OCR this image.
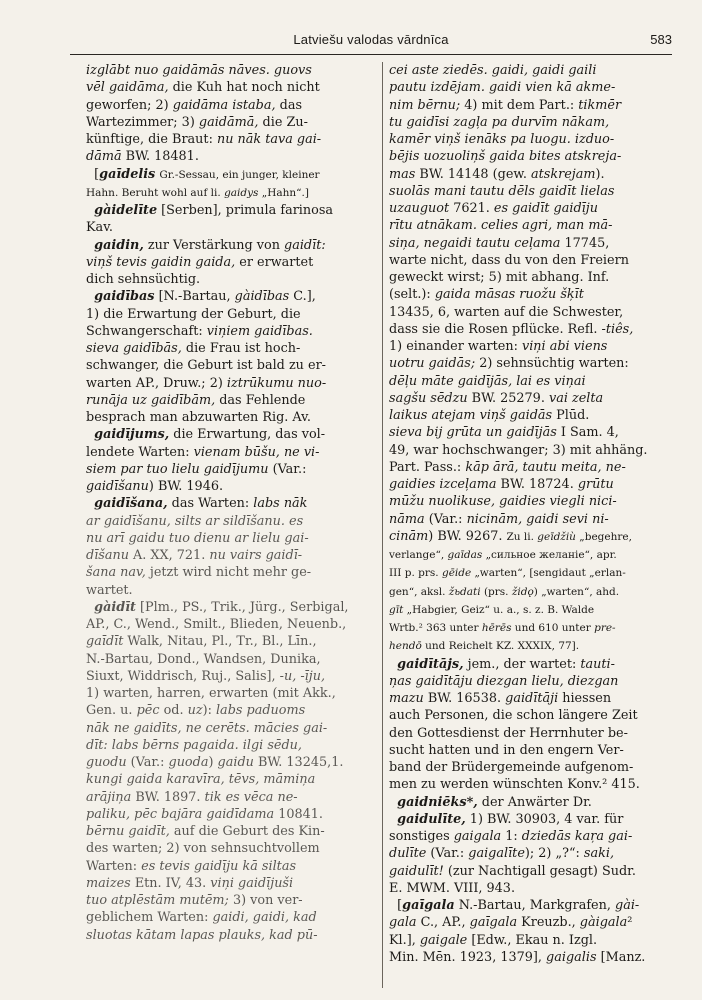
Latviešu valodas vārdnīca	583
izglābt nuo gaidāmās nāves. guovs
vēl gaidāma, die Kuh hat noch nicht
geworfen; 2) gaidāma istaba, das
Wartezimmer; 3) gaidāmā, die Zu-
künftige, die Braut: nu nāk tava gai-
dāmā BW. 18481.
[gaīdelis Gr.-Sessau, ein junger, kleiner
Hahn. Beruht wohl auf li. gaidys „Hahn“.]
gàidelīte [Serben], primula farinosa
Kav.
gaidin, zur Verstärkung von gaidīt:
viņš tevis gaidin gaida, er erwartet
dich sehnsüchtig.
gaidības [N.-Bartau, gàidības C.],
1) die Erwartung der Geburt, die
Schwangerschaft: viņiem gaidības.
sieva gaidībās, die Frau ist hoch-
schwanger, die Geburt ist bald zu er-
warten AP., Druw.; 2) iztrūkumu nuo-
runāja uz gaidībām, das Fehlende
besprach man abzuwarten Rig. Av.
gaidījums, die Erwartung, das vol-
lendete Warten: vienam būšu, ne vi-
siem par tuo lielu gaidījumu (Var.:
gaidīšanu) BW. 1946.
gaidīšana, das Warten: labs nāk
ar gaidīšanu, silts ar sildīšanu. es
nu arī gaidu tuo dienu ar lielu gai-
dīšanu A. XX, 721. nu vairs gaidī-
šana nav, jetzt wird nicht mehr ge-
wartet.
gàidīt [Plm., PS., Trik., Jürg., Serbigal,
AP., C., Wend., Smilt., Blieden, Neuenb.,
gaīdīt Walk, Nitau, Pl., Tr., Bl., Līn.,
N.-Bartau, Dond., Wandsen, Dunika,
Siuxt, Widdrisch, Ruj., Salis], -u, -īju,
1) warten, harren, erwarten (mit Akk.,
Gen. u. pēc od. uz): labs paduoms
nāk ne gaidīts, ne cerēts. mācies gai-
dīt: labs bērns pagaida. ilgi sēdu,
guodu (Var.: guoda) gaidu BW. 13245,1.
kungi gaida karavīra, tēvs, māmiņa
arājiņa BW. 1897. tik es vēca ne-
paliku, pēc bajāra gaidīdama 10841.
bērnu gaidīt, auf die Geburt des Kin-
des warten; 2) von sehnsuchtvollem
Warten: es tevis gaidīju kā siltas
maizes Etn. IV, 43. viņi gaidījuši
tuo atplēstām mutēm; 3) von ver-
geblichem Warten: gaidi, gaidi, kad
sluotas kātam lapas plauks, kad pū-
cei aste ziedēs. gaidi, gaidi gaili
pautu izdējam. gaidi vien kā akme-
nim bērnu; 4) mit dem Part.: tikmēr
tu gaidīsi zagļa pa durvīm nākam,
kamēr viņš ienāks pa luogu. izduo-
bējis uozuoliņš gaida bites atskreja-
mas BW. 14148 (gew. atskrejam).
suolās mani tautu dēls gaidīt lielas
uzauguot 7621. es gaidīt gaidīju
rītu atnākam. celies agri, man mā-
siņa, negaidi tautu ceļama 17745,
warte nicht, dass du von den Freiern
geweckt wirst; 5) mit abhang. Inf.
(selt.): gaida māsas ruožu šķīt
13435, 6, warten auf die Schwester,
dass sie die Rosen pflücke. Refl. -tiês,
1) einander warten: viņi abi viens
uotru gaidās; 2) sehnsüchtig warten:
dēļu māte gaidījās, lai es viņai
sagšu sēdzu BW. 25279. vai zelta
laikus atejam viņš gaidās Plūd.
sieva bij grūta un gaidījās I Sam. 4,
49, war hochschwanger; 3) mit ahhäng.
Part. Pass.: kāp ārā, tautu meita, ne-
gaidies izceļama BW. 18724. grūtu
mūžu nuolikuse, gaidies viegli nici-
nāma (Var.: nicinām, gaidi sevi ni-
cinām) BW. 9267. Zu li. geīdžiù „begehre,
verlange“, gaīdas „сильное желаніе“, apr.
III p. prs. gēide „warten“, [sengidaut „erlan-
gen“, aksl. žьdati (prs. židǫ) „warten“, ahd.
gīt „Habgier, Geiz“ u. a., s. z. B. Walde
Wrtb.² 363 unter hērēs und 610 unter pre-
hendō und Reichelt KZ. XXXIX, 77].
gaidītājs, jem., der wartet: tauti-
ņas gaidītāju diezgan lielu, diezgan
mazu BW. 16538. gaidītāji hiessen
auch Personen, die schon längere Zeit
den Gottesdienst der Herrnhuter be-
sucht hatten und in den engern Ver-
band der Brüdergemeinde aufgenom-
men zu werden wünschten Konv.² 415.
gaidniēks*, der Anwärter Dr.
gaidulīte, 1) BW. 30903, 4 var. für
sonstiges gaigala 1: dziedās kaŗa gai-
dulīte (Var.: gaigalīte); 2) „?“: saki,
gaidulīt! (zur Nachtigall gesagt) Sudr.
E. MWM. VIII, 943.
[gaīgala N.-Bartau, Markgrafen, gài-
gala C., AP., gaīgala Kreuzb., gàigala²
Kl.], gaigale [Edw., Ekau n. Izgl.
Min. Mēn. 1923, 1379], gaigalis [Manz.
